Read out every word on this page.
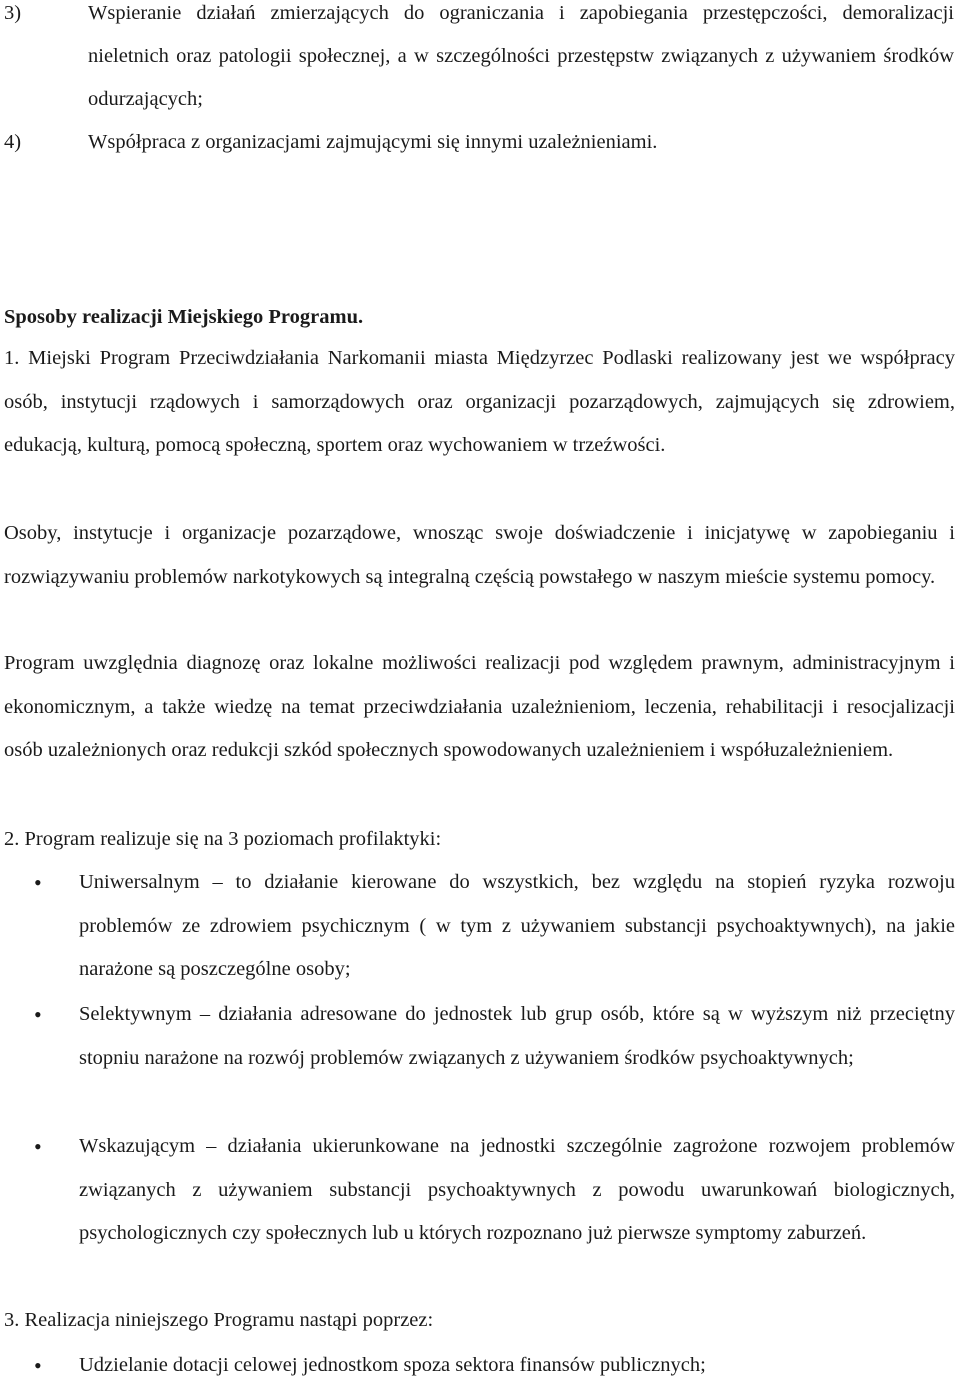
3)	Wspieranie działań zmierzających do ograniczania i zapobiegania przestępczości, demoralizacji nieletnich oraz patologii społecznej, a w szczególności przestępstw związanych z używaniem środków odurzających;
4)	Współpraca z organizacjami zajmującymi się innymi uzależnieniami.
Sposoby realizacji Miejskiego Programu.
1. Miejski Program Przeciwdziałania Narkomanii miasta Międzyrzec Podlaski realizowany jest we współpracy osób, instytucji rządowych i samorządowych oraz organizacji pozarządowych, zajmujących się zdrowiem, edukacją, kulturą, pomocą społeczną, sportem oraz wychowaniem w trzeźwości.
Osoby, instytucje i organizacje pozarządowe, wnosząc swoje doświadczenie i inicjatywę w zapobieganiu i rozwiązywaniu problemów narkotykowych są integralną częścią powstałego w naszym mieście systemu pomocy.
Program uwzględnia diagnozę oraz lokalne możliwości realizacji pod względem prawnym, administracyjnym i ekonomicznym, a także wiedzę na temat przeciwdziałania uzależnieniom, leczenia, rehabilitacji i resocjalizacji osób uzależnionych oraz redukcji szkód społecznych spowodowanych uzależnieniem i współuzależnieniem.
2. Program realizuje się na 3 poziomach profilaktyki:
• Uniwersalnym – to działanie kierowane do wszystkich, bez względu na stopień ryzyka rozwoju problemów ze zdrowiem psychicznym ( w tym z używaniem substancji psychoaktywnych), na jakie narażone są poszczególne osoby;
• Selektywnym – działania adresowane do jednostek lub grup osób, które są w wyższym niż przeciętny stopniu narażone na rozwój problemów związanych z używaniem środków psychoaktywnych;
• Wskazującym – działania ukierunkowane na jednostki szczególnie zagrożone rozwojem problemów związanych z używaniem substancji psychoaktywnych z powodu uwarunkowań biologicznych, psychologicznych czy społecznych lub u których rozpoznano już pierwsze symptomy zaburzeń.
3. Realizacja niniejszego Programu nastąpi poprzez:
• Udzielanie dotacji celowej jednostkom spoza sektora finansów publicznych;
